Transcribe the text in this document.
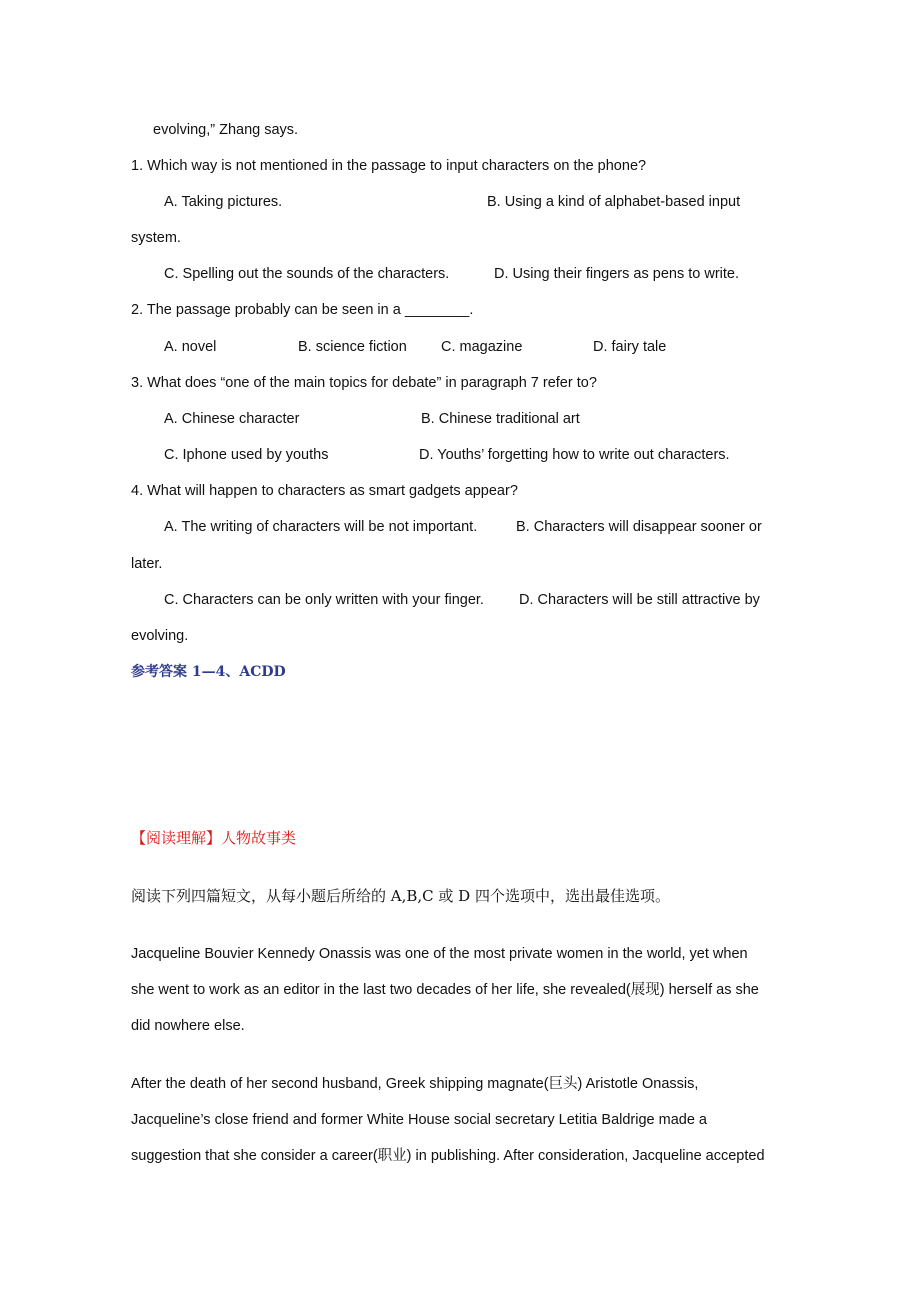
evolving,” Zhang says.
1. Which way is not mentioned in the passage to input characters on the phone?
A. Taking pictures.	B. Using a kind of alphabet-based input
system.
C. Spelling out the sounds of the characters.	D. Using their fingers as pens to write.
2. The passage probably can be seen in a ________.
A. novel	B. science fiction C. magazine	D. fairy tale
3. What does “one of the main topics for debate” in paragraph 7 refer to?
A. Chinese character	B. Chinese traditional art
C. Iphone used by youths	D. Youths’ forgetting how to write out characters.
4. What will happen to characters as smart gadgets appear?
A. The writing of characters will be not important.	B. Characters will disappear sooner or
later.
C. Characters can be only written with your finger. D. Characters will be still attractive by
evolving.
参考答案 1—4、ACDD
【阅读理解】人物故事类
阅读下列四篇短文，从每小题后所给的 A,B,C 或 D 四个选项中，选出最佳选项。
Jacqueline Bouvier Kennedy Onassis was one of the most private women in the world, yet when
she went to work as an editor in the last two decades of her life, she revealed(展现) herself as she
did nowhere else.
After the death of her second husband, Greek shipping magnate(巨头) Aristotle Onassis,
Jacqueline’s close friend and former White House social secretary Letitia Baldrige made a
suggestion that she consider a career(职业) in publishing. After consideration, Jacqueline accepted
